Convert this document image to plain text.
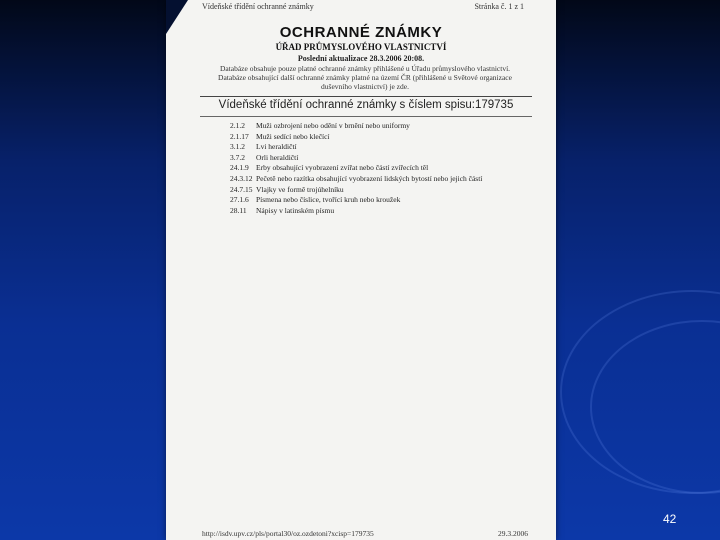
Vídeňské třídění ochranné známky	Stránka č. 1 z 1
OCHRANNÉ ZNÁMKY
ÚŘAD PRŮMYSLOVÉHO VLASTNICTVÍ
Poslední aktualizace 28.3.2006 20:08.
Databáze obsahuje pouze platné ochranné známky přihlášené u Úřadu průmyslového vlastnictví.
Databáze obsahující další ochranné známky platné na území ČR (přihlášené u Světové organizace duševního vlastnictví) je zde.
Vídeňské třídění ochranné známky s číslem spisu:179735
2.1.2	Muži ozbrojení nebo odění v brnění nebo uniformy
2.1.17 Muži sedící nebo klečící
3.1.2	Lvi heraldičtí
3.7.2	Orli heraldičtí
24.1.9 Erby obsahující vyobrazení zvířat nebo částí zvířecích těl
24.3.12 Pečetě nebo razítka obsahující vyobrazení lidských bytostí nebo jejich částí
24.7.15 Vlajky ve formě trojúhelníku
27.1.6 Písmena nebo číslice, tvořící kruh nebo kroužek
28.11	Nápisy v latinském písmu
http://isdv.upv.cz/pls/portal30/oz.ozdetoni?xcisp=179735	29.3.2006
42
